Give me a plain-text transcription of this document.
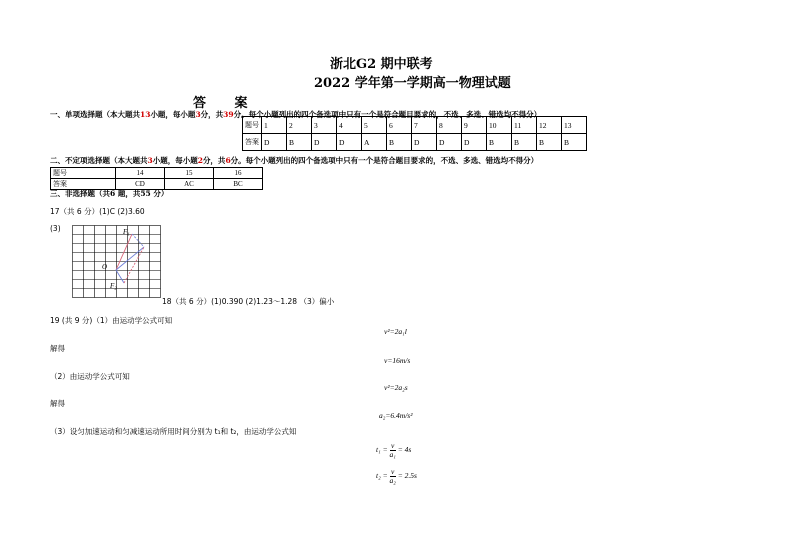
浙北G2 期中联考
2022 学年第一学期高一物理试题
答 案
一、单项选择题（本大题共13小题，每小题3分，共39分。每个小题列出的四个备选项中只有一个是符合题目要求的，不选、多选、错选均不得分）
题号	1	2	3	4	5	6	7	8	9	10	11	12	13
答案	D	B	D	D	A	B	D	D	D	B	B	B	B
二、不定项选择题（本大题共3小题，每小题2分，共6分。每个小题列出的四个备选项中只有一个是符合题目要求的，不选、多选、错选均不得分）
题号	14	15	16
答案	CD	AC	BC
三、非选择题（共6 题，共55 分）
17（共 6 分）(1)C (2)3.60
(3)	F₁
F₂
O
18（共 6 分）(1)0.390 (2)1.23～1.28 （3）偏小
19 (共 9 分)（1）由运动学公式可知
v²=2a₁l
解得
v=16m/s
（2）由运动学公式可知
v²=2a₂s
解得
a₂=6.4m/s²
（3）设匀加速运动和匀减速运动所用时间分别为 t₁和 t₂，由运动学公式知
$t_1 = \frac{v}{\text{a₁}} = 4s$
$t_2 = \frac{v}{\text{a₂}} = 2.5s$
